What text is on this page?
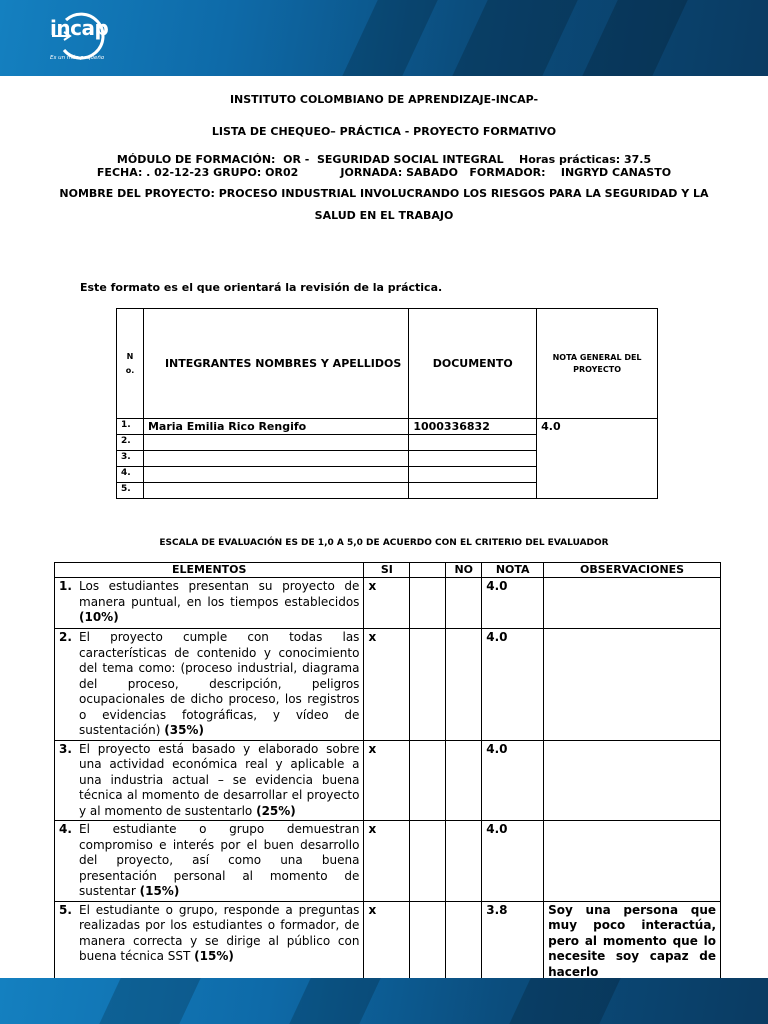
incap
Es un más pequeño
INSTITUTO COLOMBIANO DE APRENDIZAJE-INCAP-
LISTA DE CHEQUEO– PRÁCTICA - PROYECTO FORMATIVO
MÓDULO DE FORMACIÓN:  OR -  SEGURIDAD SOCIAL INTEGRAL    Horas prácticas: 37.5
FECHA: . 02-12-23 GRUPO: OR02           JORNADA: SABADO   FORMADOR:    INGRYD CANASTO
NOMBRE DEL PROYECTO: PROCESO INDUSTRIAL INVOLUCRANDO LOS RIESGOS PARA LA SEGURIDAD Y LA
SALUD EN EL TRABAJO
Este formato es el que orientará la revisión de la práctica.
N
o.	INTEGRANTES NOMBRES Y APELLIDOS	DOCUMENTO	NOTA GENERAL DEL PROYECTO
1.	Maria Emilia Rico Rengifo	1000336832	4.0
2.			
3.			
4.			
5.			
ESCALA DE EVALUACIÓN ES DE 1,0 A 5,0 DE ACUERDO CON EL CRITERIO DEL EVALUADOR
ELEMENTOS	SI		NO	NOTA	OBSERVACIONES

1. Los estudiantes presentan su proyecto de manera puntual, en los tiempos establecidos (10%)	x			4.0	

2. El proyecto cumple con todas las características de contenido y conocimiento del tema como: (proceso industrial, diagrama del proceso, descripción, peligros ocupacionales de dicho proceso, los registros o evidencias fotográficas, y vídeo de sustentación) (35%)	x			4.0	

3. El proyecto está basado y elaborado sobre una actividad económica real y aplicable a una industria actual – se evidencia buena técnica al momento de desarrollar el proyecto y al momento de sustentarlo (25%)	x			4.0	

4. El estudiante o grupo demuestran compromiso e interés por el buen desarrollo del proyecto, así como una buena presentación personal al momento de sustentar (15%)	x			4.0	

5. El estudiante o grupo, responde a preguntas realizadas por los estudiantes o formador, de manera correcta y se dirige al público con buena técnica SST (15%)	x			3.8	Soy una persona que muy poco interactúa, pero al momento que lo necesite soy capaz de hacerlo
